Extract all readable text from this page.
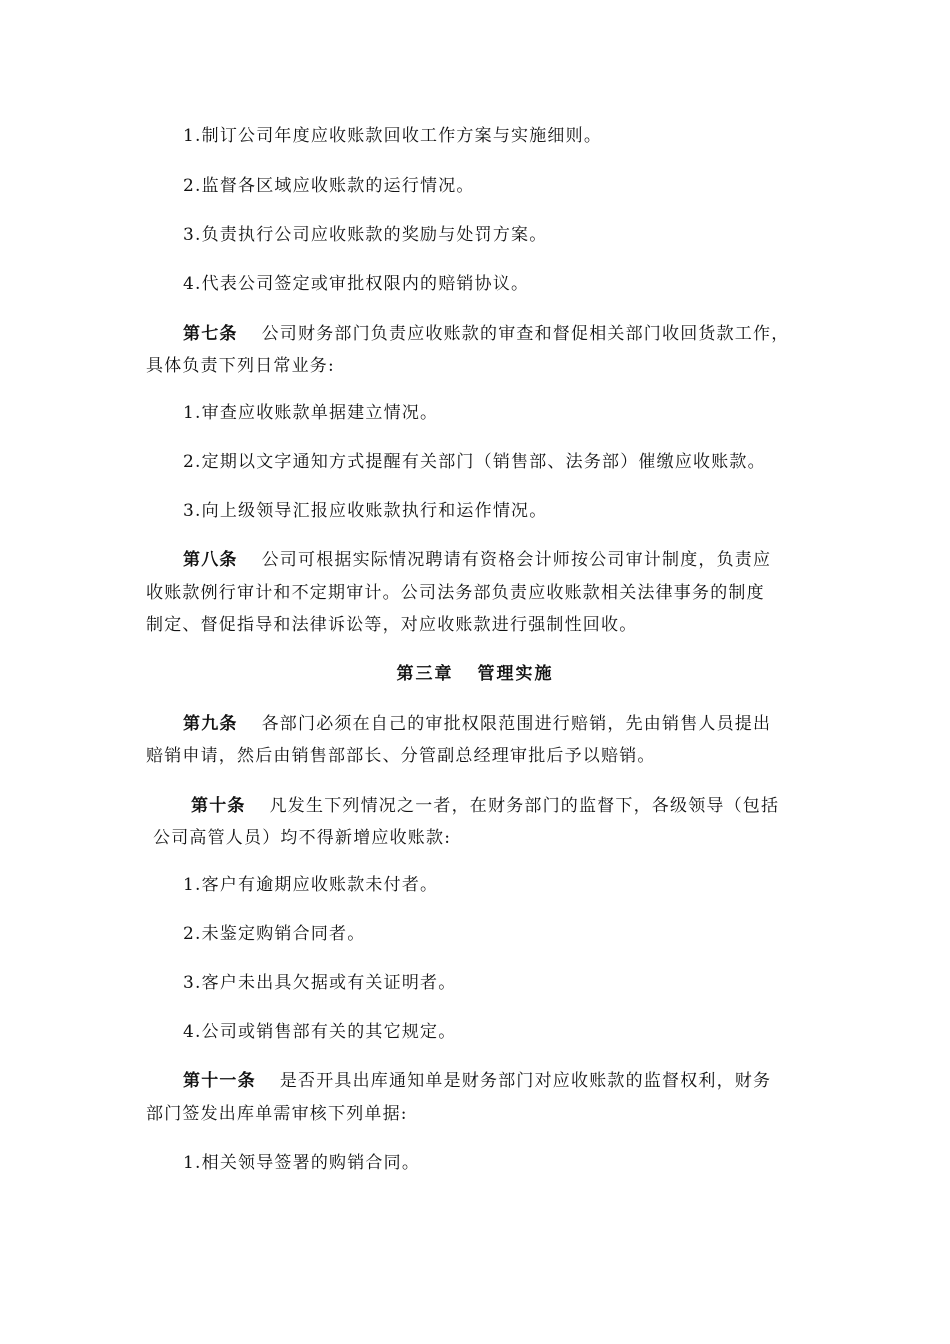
1.制订公司年度应收账款回收工作方案与实施细则。
2.监督各区域应收账款的运行情况。
3.负责执行公司应收账款的奖励与处罚方案。
4.代表公司签定或审批权限内的赔销协议。
第七条 公司财务部门负责应收账款的审查和督促相关部门收回货款工作，
具体负责下列日常业务:
1.审查应收账款单据建立情况。
2.定期以文字通知方式提醒有关部门（销售部、法务部）催缴应收账款。
3.向上级领导汇报应收账款执行和运作情况。
第八条 公司可根据实际情况聘请有资格会计师按公司审计制度，负责应
收账款例行审计和不定期审计。公司法务部负责应收账款相关法律事务的制度
制定、督促指导和法律诉讼等，对应收账款进行强制性回收。
第三章 管理实施
第九条 各部门必须在自己的审批权限范围进行赔销，先由销售人员提出
赔销申请，然后由销售部部长、分管副总经理审批后予以赔销。
第十条 凡发生下列情况之一者，在财务部门的监督下，各级领导（包括
公司高管人员）均不得新增应收账款:
1.客户有逾期应收账款未付者。
2.未鉴定购销合同者。
3.客户未出具欠据或有关证明者。
4.公司或销售部有关的其它规定。
第十一条 是否开具出库通知单是财务部门对应收账款的监督权利，财务
部门签发出库单需审核下列单据:
1.相关领导签署的购销合同。
